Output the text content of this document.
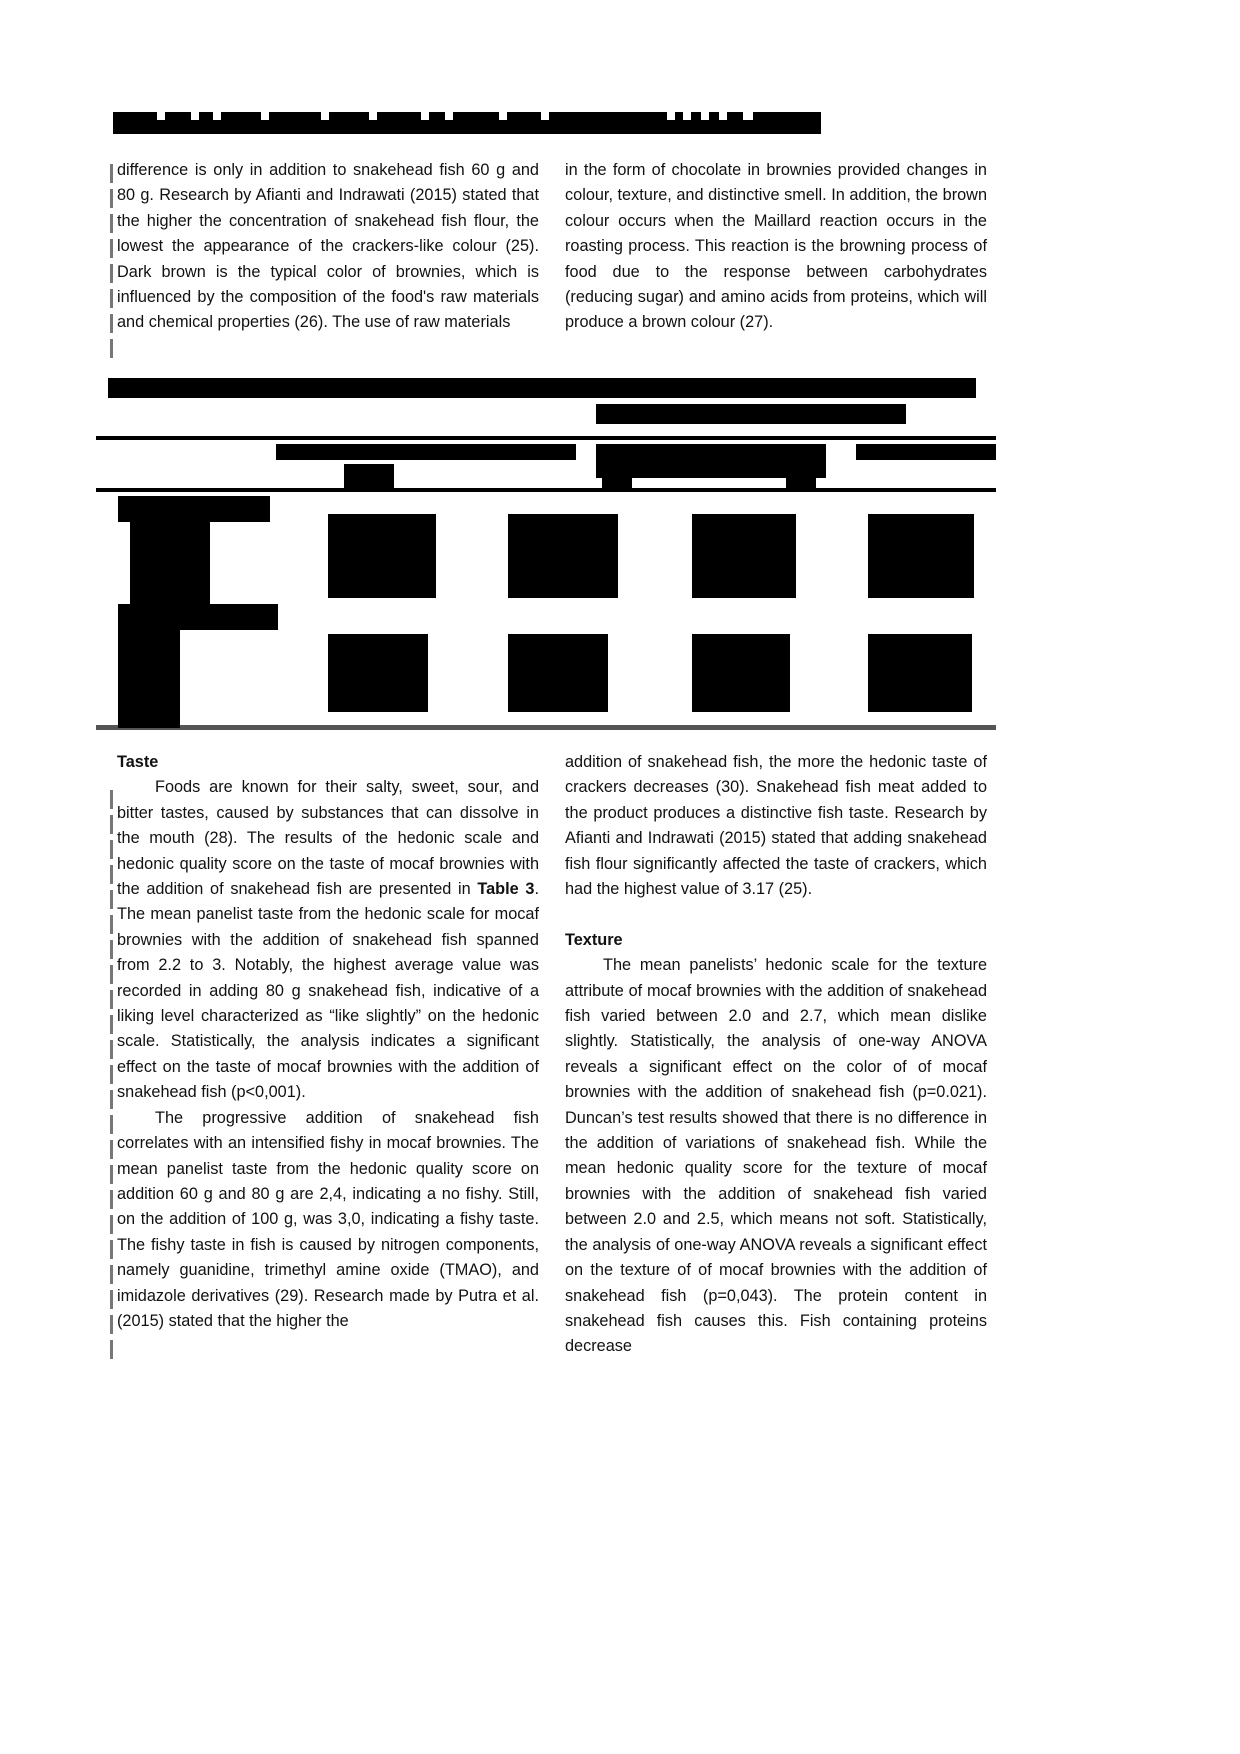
difference is only in addition to snakehead fish 60 g and 80 g. Research by Afianti and Indrawati (2015) stated that the higher the concentration of snakehead fish flour, the lowest the appearance of the crackers-like colour (25). Dark brown is the typical color of brownies, which is influenced by the composition of the food's raw materials and chemical properties (26). The use of raw materials

in the form of chocolate in brownies provided changes in colour, texture, and distinctive smell. In addition, the brown colour occurs when the Maillard reaction occurs in the roasting process. This reaction is the browning process of food due to the response between carbohydrates (reducing sugar) and amino acids from proteins, which will produce a brown colour (27).

Taste

Foods are known for their salty, sweet, sour, and bitter tastes, caused by substances that can dissolve in the mouth (28). The results of the hedonic scale and hedonic quality score on the taste of mocaf brownies with the addition of snakehead fish are presented in Table 3. The mean panelist taste from the hedonic scale for mocaf brownies with the addition of snakehead fish spanned from 2.2 to 3. Notably, the highest average value was recorded in adding 80 g snakehead fish, indicative of a liking level characterized as “like slightly” on the hedonic scale. Statistically, the analysis indicates a significant effect on the taste of mocaf brownies with the addition of snakehead fish (p<0,001).

The progressive addition of snakehead fish correlates with an intensified fishy in mocaf brownies. The mean panelist taste from the hedonic quality score on addition 60 g and 80 g are 2,4, indicating a no fishy. Still, on the addition of 100 g, was 3,0, indicating a fishy taste. The fishy taste in fish is caused by nitrogen components, namely guanidine, trimethyl amine oxide (TMAO), and imidazole derivatives (29). Research made by Putra et al. (2015) stated that the higher the

addition of snakehead fish, the more the hedonic taste of crackers decreases (30). Snakehead fish meat added to the product produces a distinctive fish taste. Research by Afianti and Indrawati (2015) stated that adding snakehead fish flour significantly affected the taste of crackers, which had the highest value of 3.17 (25).

Texture

The mean panelists’ hedonic scale for the texture attribute of mocaf brownies with the addition of snakehead fish varied between 2.0 and 2.7, which mean dislike slightly. Statistically, the analysis of one-way ANOVA reveals a significant effect on the color of of mocaf brownies with the addition of snakehead fish (p=0.021). Duncan’s test results showed that there is no difference in the addition of variations of snakehead fish. While the mean hedonic quality score for the texture of mocaf brownies with the addition of snakehead fish varied between 2.0 and 2.5, which means not soft. Statistically, the analysis of one-way ANOVA reveals a significant effect on the texture of of mocaf brownies with the addition of snakehead fish (p=0,043). The protein content in snakehead fish causes this. Fish containing proteins decrease
